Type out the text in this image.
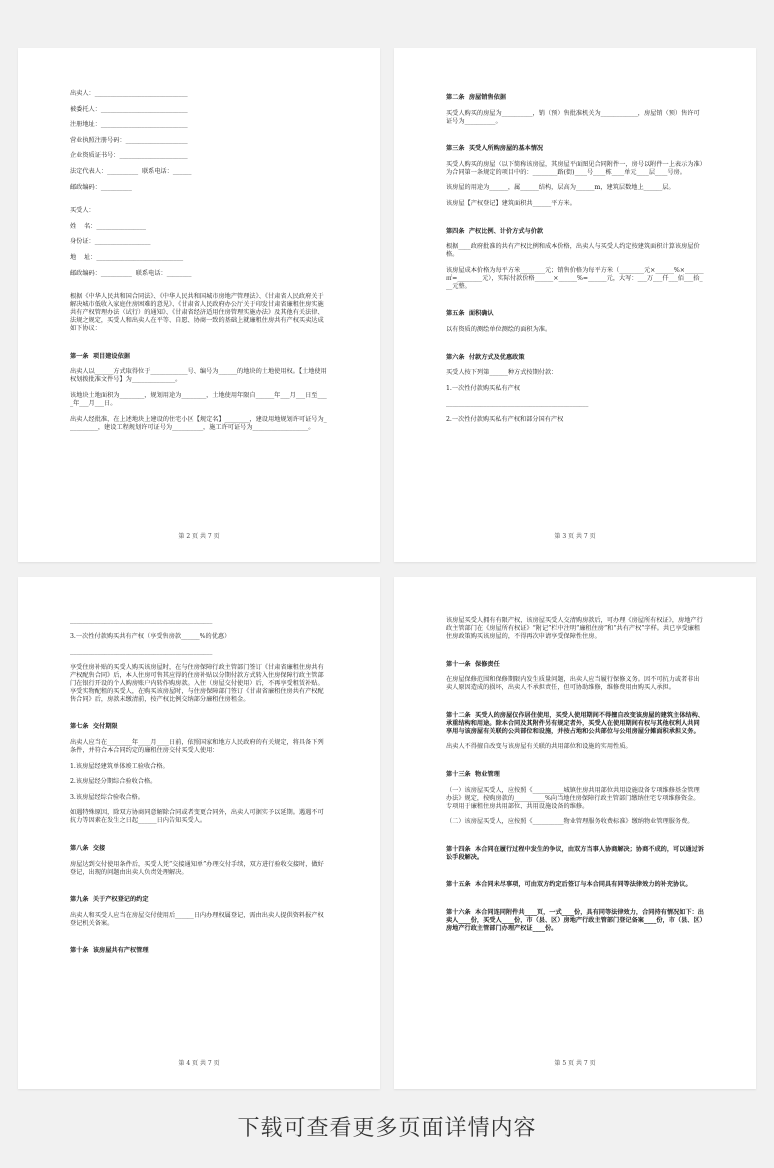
出卖人：______________________________
被委托人：____________________________
注册地址：____________________________
营业执照注册号码：____________________
企业资质证书号：______________________
法定代表人：__________  联系电话：______
邮政编码：__________
买受人：
姓    名：________________
身份证：__________________
地    址：____________________________
邮政编码：__________  联系电话：________
根据《中华人民共和国合同法》、《中华人民共和国城市房地产管理法》、《甘肃省人民政府关于解决城市低收入家庭住房困难的意见》、《甘肃省人民政府办公厅关于印发甘肃省廉租住房实施共有产权管理办法（试行）的通知》、《甘肃省经济适用住房管理实施办法》及其他有关法律、法规之规定，买受人和出卖人在平等、自愿、协商一致的基础上就廉租住房共有产权买卖达成如下协议：
第一条  项目建设依据
出卖人以______方式取得位于____________号、编号为______的地块的土地使用权。【土地使用权划拨批准文件号】为______________。
该地块土地面积为________，规划用途为________，土地使用年限自______年___月___日至____年___月___日。
出卖人经批准，在上述地块上建设的住宅小区【规定名】________，建设用地规划许可证号为__________，建设工程规划许可证号为__________，施工许可证号为__________________。
第 2 页 共 7 页
第二条  房屋销售依据
买受人购买的房屋为__________，销（预）售批准机关为____________，房屋销（预）售许可证号为__________。
第三条  买受人所购房屋的基本情况
买受人购买的房屋（以下简称该房屋，其房屋平面图见合同附件一，房号以附件一上表示为准）为合同第一条规定的项目中的：________路(街)____号____栋____单元____层____号房。
该房屋的用途为______，属______结构，层高为______m，建筑层数地上______层。
该房屋【产权登记】建筑面积共______平方米。
第四条  产权比例、计价方式与价款
根据____政府批准的共有产权比例和成本价格，出卖人与买受人约定按建筑面积计算该房屋价格。
该房屋成本价格为每平方米________元；销售价格为每平方米（________元×______%×______㎡=________元），实际付款价格______×______%=______元，大写：___万___仟___佰___拾___元整。
第五条  面积确认
以有资质的测绘单位测绘的面积为准。
第六条  付款方式及优惠政策
买受人按下列第______种方式按期付款：
1.一次性付款购买私有产权
______________________________________________
2.一次性付款购买私有产权和部分国有产权
第 3 页 共 7 页
______________________________________________
3.一次性付款购买共有产权（享受售房款______%的优惠）
______________________________________________
享受住房补贴的买受人购买该房屋时，在与住房保障行政主管部门签订《甘肃省廉租住房共有产权配售合同》后，本人住房可售其应得的住房补贴以分期付款方式转入住房保障行政主管部门在银行开设的个人购房账户内转作购房款。入住（房屋交付使用）后，不再享受租赁补贴。享受实物配租的买受人，在购买该房屋时，与住房保障部门签订《甘肃省廉租住房共有产权配售合同》后，房款未缴清前，按产权比例交纳部分廉租住房租金。
第七条  交付期限
出卖人应当在________年____月____日前，依照国家和地方人民政府的有关规定，将具备下列条件，并符合本合同约定的廉租住房交付买受人使用：
1.该房屋经建筑单体竣工验收合格。
2.该房屋经分期综合验收合格。
3.该房屋经综合验收合格。
如遇特殊原因，除双方协商同意解除合同或者变更合同外，出卖人可据实予以延期。遇遇不可抗力等因素在发生之日起______日内告知买受人。
第八条  交接
房屋达到交付使用条件后，买受人凭“交接通知单”办理交付手续，双方进行验收交接时，做好登记，出现的问题由出卖人负责处理解决。
第九条  关于产权登记的约定
出卖人和买受人应当在房屋交付使用后______日内办理权属登记，需由出卖人提供资料报产权登记机关备案。
第十条  该房屋共有产权管理
第 4 页 共 7 页
该房屋买受人拥有有限产权，该房屋买受人交清购房款后，可办理《房屋所有权证》，房地产行政主管部门在《房屋所有权证》“附记”栏中注明“廉租住房”和“共有产权”字样。共已享受廉租住房政策购买该房屋的，不得再次申请享受保障性住房。
第十一条  保修责任
在房屋保修范围和保修期限内发生质量问题，出卖人应当履行保修义务。因不可抗力或者非出卖人原因造成的损坏，出卖人不承担责任，但可协助维修，维修费用由购买人承担。
第十二条  买受人的房屋仅作居住使用，买受人使用期间不得擅自改变该房屋的建筑主体结构、承重结构和用途。除本合同及其附件另有规定者外，买受人在使用期间有权与其他权利人共同享用与该房屋有关联的公共部位和设施，并按占地和公共部位与公用房屋分摊面积承担义务。
出卖人不得擅自改变与该房屋有关联的共用部位和设施的实用性质。
第十三条  物业管理
（一）该房屋买受人，应按照《__________城镇住房共用部位共用设施设备专项维修基金管理办法》规定，按购房款的__________%向当地住房保障行政主管部门缴纳住宅专项维修资金。专项用于廉租住房共用部位、共用设施设备的维修。
（二）该房屋买受人，应按照《__________物业管理服务收费标准》缴纳物业管理服务费。
第十四条  本合同在履行过程中发生的争议，由双方当事人协商解决；协商不成的，可以通过诉讼手段解决。
第十五条  本合同未尽事项，可由双方约定后签订与本合同具有同等法律效力的补充协议。
第十六条  本合同连同附件共____页，一式____份，具有同等法律效力，合同持有情况如下：出卖人____份，买受人____份，市（县、区）房地产行政主管部门登记备案____份，市（县、区）房地产行政主管部门办理产权证____份。
第 5 页 共 7 页
下载可查看更多页面详情内容
